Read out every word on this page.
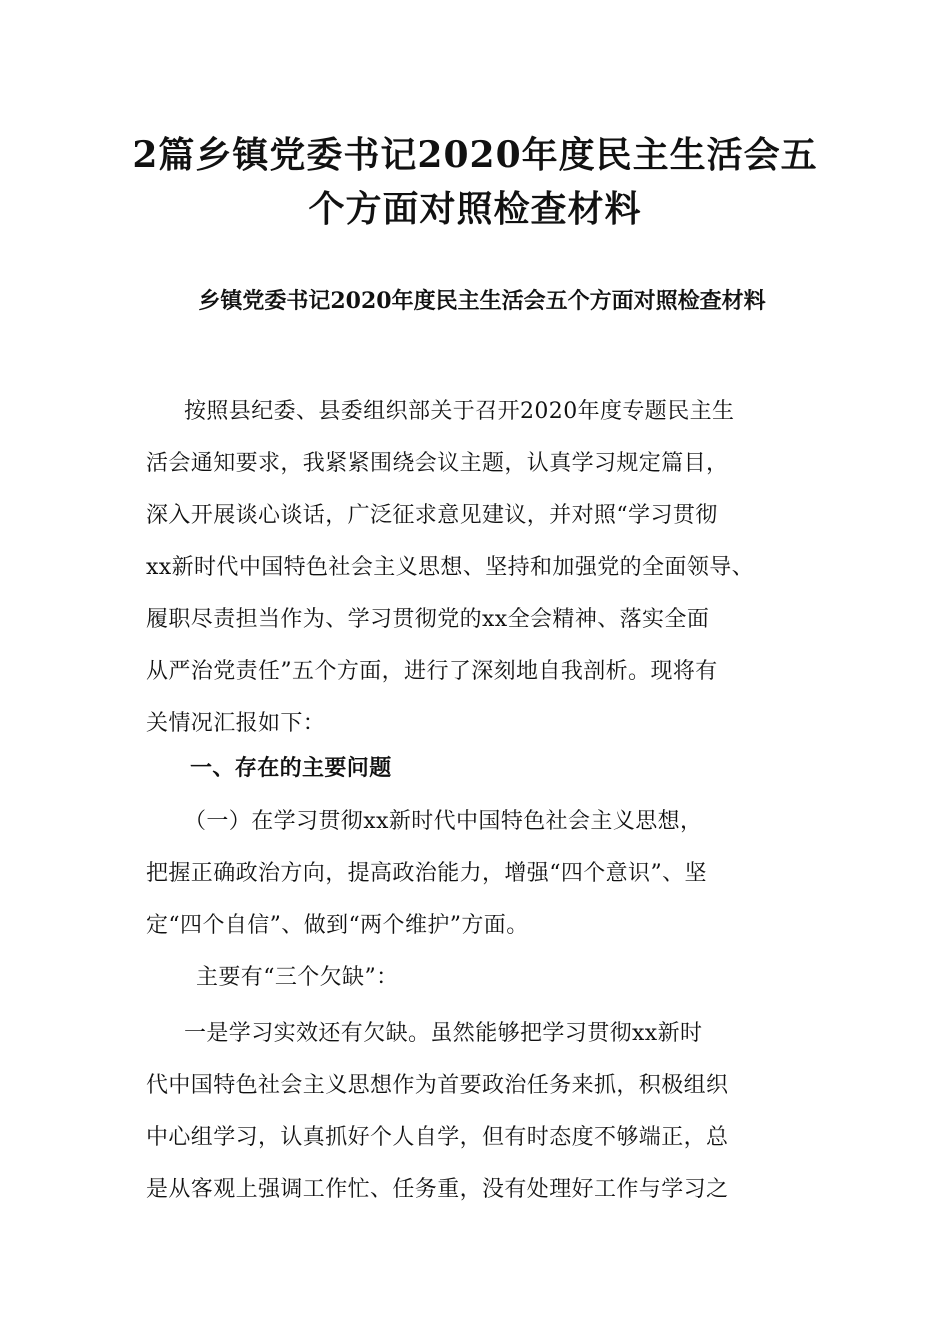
2篇乡镇党委书记2020年度民主生活会五
个方面对照检查材料
乡镇党委书记2020年度民主生活会五个方面对照检查材料
按照县纪委、县委组织部关于召开2020年度专题民主生
活会通知要求，我紧紧围绕会议主题，认真学习规定篇目，
深入开展谈心谈话，广泛征求意见建议，并对照“学习贯彻
xx新时代中国特色社会主义思想、坚持和加强党的全面领导、
履职尽责担当作为、学习贯彻党的xx全会精神、落实全面
从严治党责任”五个方面，进行了深刻地自我剖析。现将有
关情况汇报如下：
一、存在的主要问题
（一）在学习贯彻xx新时代中国特色社会主义思想，
把握正确政治方向，提高政治能力，增强“四个意识”、坚
定“四个自信”、做到“两个维护”方面。
主要有“三个欠缺”：
一是学习实效还有欠缺。虽然能够把学习贯彻xx新时
代中国特色社会主义思想作为首要政治任务来抓，积极组织
中心组学习，认真抓好个人自学，但有时态度不够端正，总
是从客观上强调工作忙、任务重，没有处理好工作与学习之
